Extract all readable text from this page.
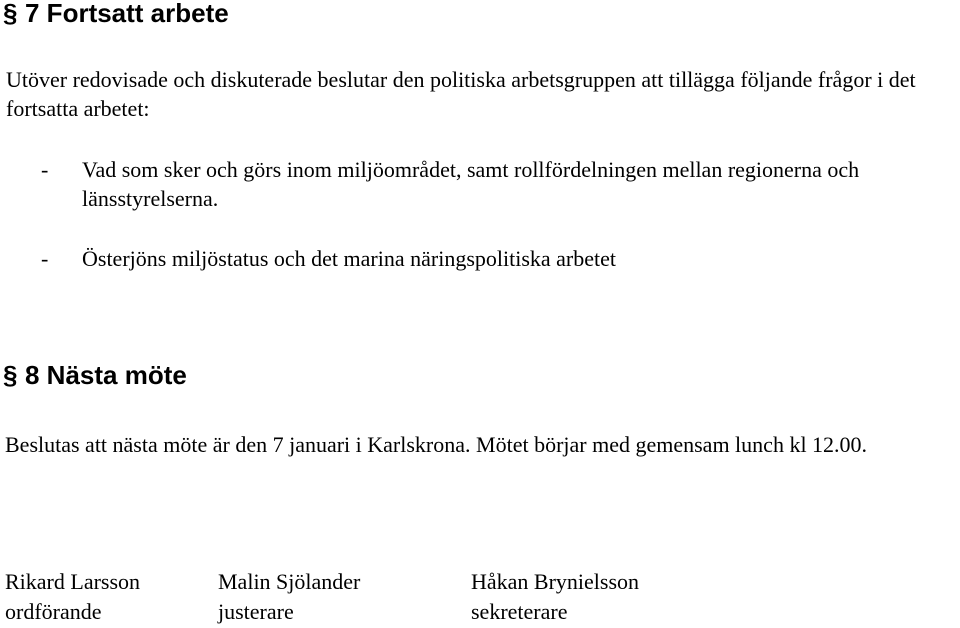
§ 7 Fortsatt arbete

Utöver redovisade och diskuterade beslutar den politiska arbetsgruppen att tillägga följande frågor i det fortsatta arbetet:

- Vad som sker och görs inom miljöområdet, samt rollfördelningen mellan regionerna och länsstyrelserna.
- Österjöns miljöstatus och det marina näringspolitiska arbetet
§ 8 Nästa möte

Beslutas att nästa möte är den 7 januari i Karlskrona. Mötet börjar med gemensam lunch kl 12.00.

Rikard Larsson
ordförande
Malin Sjölander
justerare
Håkan Brynielsson
sekreterare
